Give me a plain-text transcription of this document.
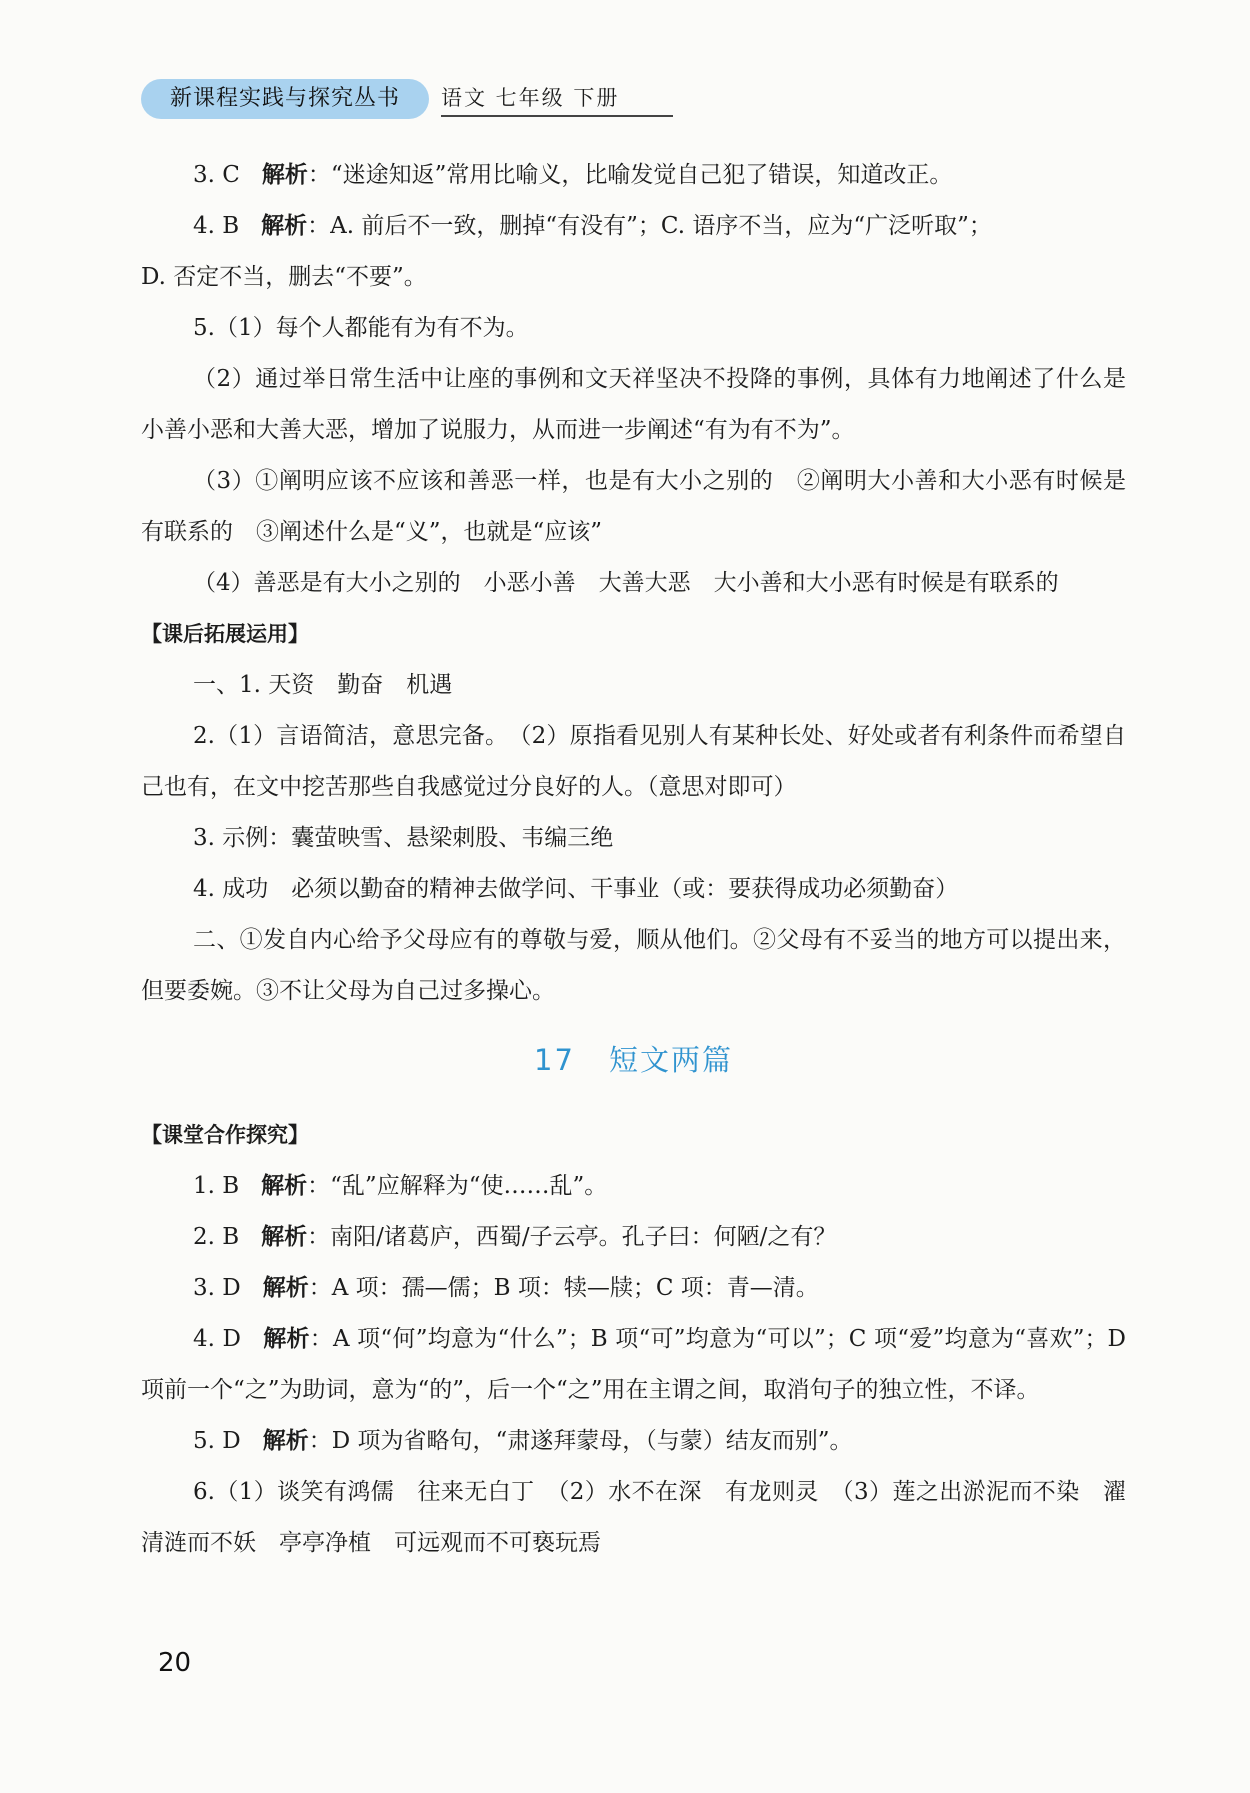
新课程实践与探究丛书	语文 七年级 下册

3. C 解析：“迷途知返”常用比喻义，比喻发觉自己犯了错误，知道改正。

4. B 解析：A. 前后不一致，删掉“有没有”；C. 语序不当，应为“广泛听取”；

D. 否定不当，删去“不要”。

5.（1）每个人都能有为有不为。

（2）通过举日常生活中让座的事例和文天祥坚决不投降的事例，具体有力地阐述了什么是小善小恶和大善大恶，增加了说服力，从而进一步阐述“有为有不为”。

（3）①阐明应该不应该和善恶一样，也是有大小之别的　②阐明大小善和大小恶有时候是有联系的　③阐述什么是“义”，也就是“应该”

（4）善恶是有大小之别的　小恶小善　大善大恶　大小善和大小恶有时候是有联系的

【课后拓展运用】

一、1. 天资　勤奋　机遇

2.（1）言语简洁，意思完备。　（2）原指看见别人有某种长处、好处或者有利条件而希望自己也有，在文中挖苦那些自我感觉过分良好的人。（意思对即可）

3. 示例：囊萤映雪、悬梁刺股、韦编三绝

4. 成功　必须以勤奋的精神去做学问、干事业（或：要获得成功必须勤奋）

二、①发自内心给予父母应有的尊敬与爱，顺从他们。②父母有不妥当的地方可以提出来，但要委婉。③不让父母为自己过多操心。

17 短文两篇

【课堂合作探究】

1. B 解析：“乱”应解释为“使……乱”。

2. B 解析：南阳/诸葛庐，西蜀/子云亭。孔子曰：何陋/之有？

3. D 解析：A 项：孺—儒；B 项：犊—牍；C 项：青—清。

4. D 解析：A 项“何”均意为“什么”；B 项“可”均意为“可以”；C 项“爱”均意为“喜欢”；D 项前一个“之”为助词，意为“的”，后一个“之”用在主谓之间，取消句子的独立性，不译。

5. D 解析：D 项为省略句，“肃遂拜蒙母，（与蒙）结友而别”。

6.（1）谈笑有鸿儒　往来无白丁　（2）水不在深　有龙则灵　（3）莲之出淤泥而不染　濯清涟而不妖　亭亭净植　可远观而不可亵玩焉

20
